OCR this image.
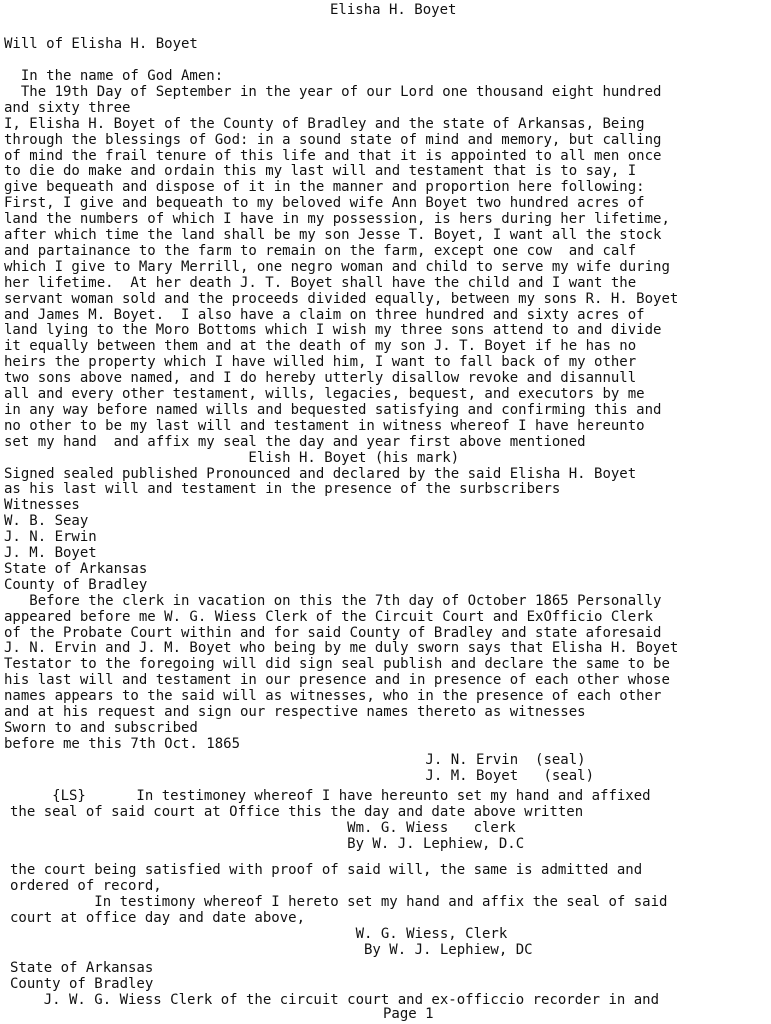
Elisha H. Boyet
Will of Elisha H. Boyet
In the name of God Amen:
The 19th Day of September in the year of our Lord one thousand eight hundred
and sixty three
I, Elisha H. Boyet of the County of Bradley and the state of Arkansas, Being
through the blessings of God: in a sound state of mind and memory, but calling
of mind the frail tenure of this life and that it is appointed to all men once
to die do make and ordain this my last will and testament that is to say, I
give bequeath and dispose of it in the manner and proportion here following:
First, I give and bequeath to my beloved wife Ann Boyet two hundred acres of
land the numbers of which I have in my possession, is hers during her lifetime,
after which time the land shall be my son Jesse T. Boyet, I want all the stock
and partainance to the farm to remain on the farm, except one cow  and calf
which I give to Mary Merrill, one negro woman and child to serve my wife during
her lifetime.  At her death J. T. Boyet shall have the child and I want the
servant woman sold and the proceeds divided equally, between my sons R. H. Boyet
and James M. Boyet.  I also have a claim on three hundred and sixty acres of
land lying to the Moro Bottoms which I wish my three sons attend to and divide
it equally between them and at the death of my son J. T. Boyet if he has no
heirs the property which I have willed him, I want to fall back of my other
two sons above named, and I do hereby utterly disallow revoke and disannull
all and every other testament, wills, legacies, bequest, and executors by me
in any way before named wills and bequested satisfying and confirming this and
no other to be my last will and testament in witness whereof I have hereunto
set my hand  and affix my seal the day and year first above mentioned
Elish H. Boyet (his mark)
Signed sealed published Pronounced and declared by the said Elisha H. Boyet
as his last will and testament in the presence of the surbscribers
Witnesses
W. B. Seay
J. N. Erwin
J. M. Boyet
State of Arkansas
County of Bradley
Before the clerk in vacation on this the 7th day of October 1865 Personally
appeared before me W. G. Wiess Clerk of the Circuit Court and ExOfficio Clerk
of the Probate Court within and for said County of Bradley and state aforesaid
J. N. Ervin and J. M. Boyet who being by me duly sworn says that Elisha H. Boyet
Testator to the foregoing will did sign seal publish and declare the same to be
his last will and testament in our presence and in presence of each other whose
names appears to the said will as witnesses, who in the presence of each other
and at his request and sign our respective names thereto as witnesses
Sworn to and subscribed
before me this 7th Oct. 1865
J. N. Ervin  (seal)
J. M. Boyet   (seal)
{LS}      In testimoney whereof I have hereunto set my hand and affixed
the seal of said court at Office this the day and date above written
Wm. G. Wiess   clerk
By W. J. Lephiew, D.C
the court being satisfied with proof of said will, the same is admitted and
ordered of record,
In testimony whereof I hereto set my hand and affix the seal of said
court at office day and date above,
W. G. Wiess, Clerk
By W. J. Lephiew, DC
State of Arkansas
County of Bradley
J. W. G. Wiess Clerk of the circuit court and ex-officcio recorder in and
Page 1
